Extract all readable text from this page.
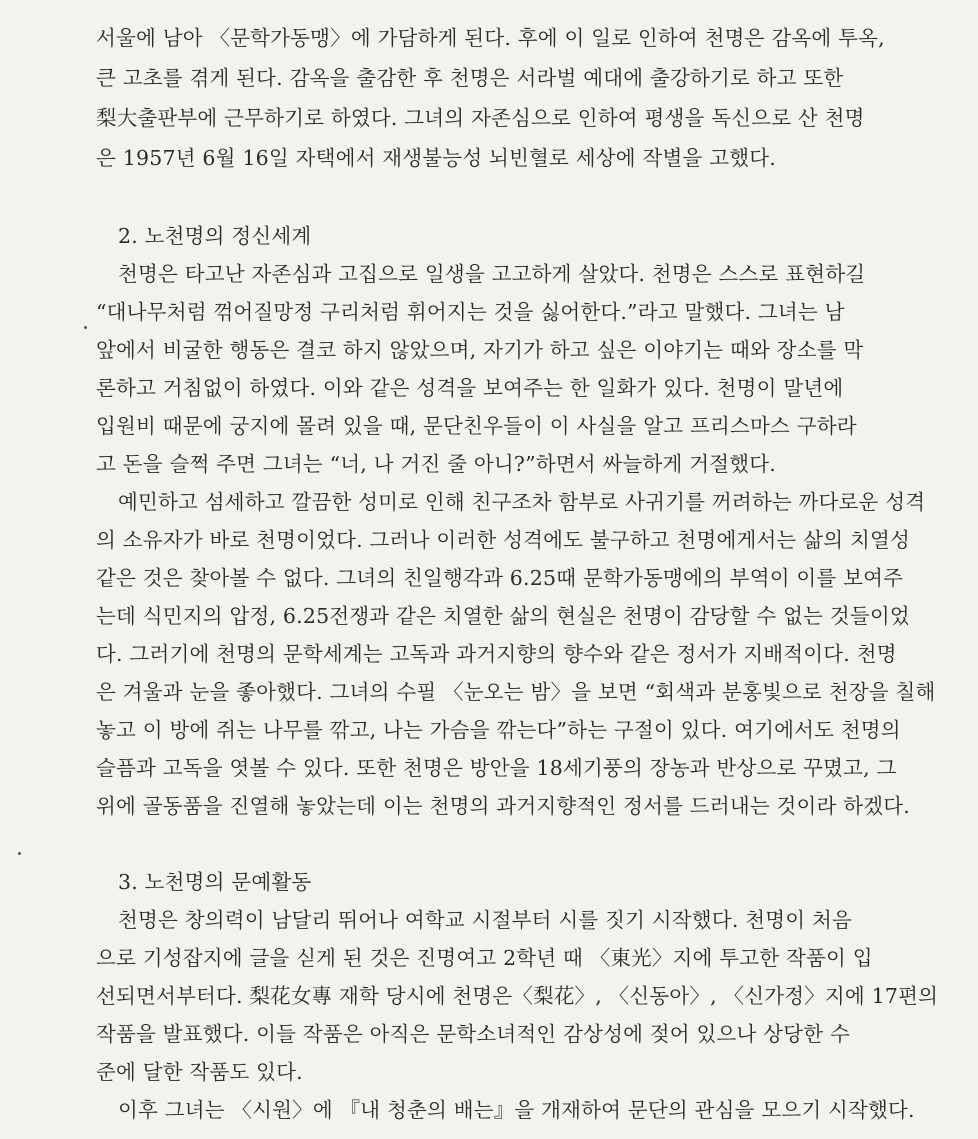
서울에 남아 〈문학가동맹〉에 가담하게 된다. 후에 이 일로 인하여 천명은 감옥에 투옥,
큰 고초를 겪게 된다. 감옥을 출감한 후 천명은 서라벌 예대에 출강하기로 하고 또한
梨大출판부에 근무하기로 하였다. 그녀의 자존심으로 인하여 평생을 독신으로 산 천명
은 1957년 6월 16일 자택에서 재생불능성 뇌빈혈로 세상에 작별을 고했다.
2. 노천명의 정신세계
천명은 타고난 자존심과 고집으로 일생을 고고하게 살았다. 천명은 스스로 표현하길
“대나무처럼 꺾어질망정 구리처럼 휘어지는 것을 싫어한다.”라고 말했다. 그녀는 남
앞에서 비굴한 행동은 결코 하지 않았으며, 자기가 하고 싶은 이야기는 때와 장소를 막
론하고 거침없이 하였다. 이와 같은 성격을 보여주는 한 일화가 있다. 천명이 말년에
입원비 때문에 궁지에 몰려 있을 때, 문단친우들이 이 사실을 알고 프리스마스 구하라
고 돈을 슬쩍 주면 그녀는 “너, 나 거진 줄 아니?”하면서 싸늘하게 거절했다.
예민하고 섬세하고 깔끔한 성미로 인해 친구조차 함부로 사귀기를 꺼려하는 까다로운 성격
의 소유자가 바로 천명이었다. 그러나 이러한 성격에도 불구하고 천명에게서는 삶의 치열성
같은 것은 찾아볼 수 없다. 그녀의 친일행각과 6.25때 문학가동맹에의 부역이 이를 보여주
는데 식민지의 압정, 6.25전쟁과 같은 치열한 삶의 현실은 천명이 감당할 수 없는 것들이었
다. 그러기에 천명의 문학세계는 고독과 과거지향의 향수와 같은 정서가 지배적이다. 천명
은 겨울과 눈을 좋아했다. 그녀의 수필 〈눈오는 밤〉을 보면 “회색과 분홍빛으로 천장을 칠해
놓고 이 방에 쥐는 나무를 깎고, 나는 가슴을 깎는다”하는 구절이 있다. 여기에서도 천명의
슬픔과 고독을 엿볼 수 있다. 또한 천명은 방안을 18세기풍의 장농과 반상으로 꾸몄고, 그
위에 골동품을 진열해 놓았는데 이는 천명의 과거지향적인 정서를 드러내는 것이라 하겠다.
3. 노천명의 문예활동
천명은 창의력이 남달리 뛰어나 여학교 시절부터 시를 짓기 시작했다. 천명이 처음
으로 기성잡지에 글을 싣게 된 것은 진명여고 2학년 때 〈東光〉지에 투고한 작품이 입
선되면서부터다. 梨花女專 재학 당시에 천명은〈梨花〉, 〈신동아〉, 〈신가정〉지에 17편의
작품을 발표했다. 이들 작품은 아직은 문학소녀적인 감상성에 젖어 있으나 상당한 수
준에 달한 작품도 있다.
이후 그녀는 〈시원〉에 『내 청춘의 배는』을 개재하여 문단의 관심을 모으기 시작했다.
